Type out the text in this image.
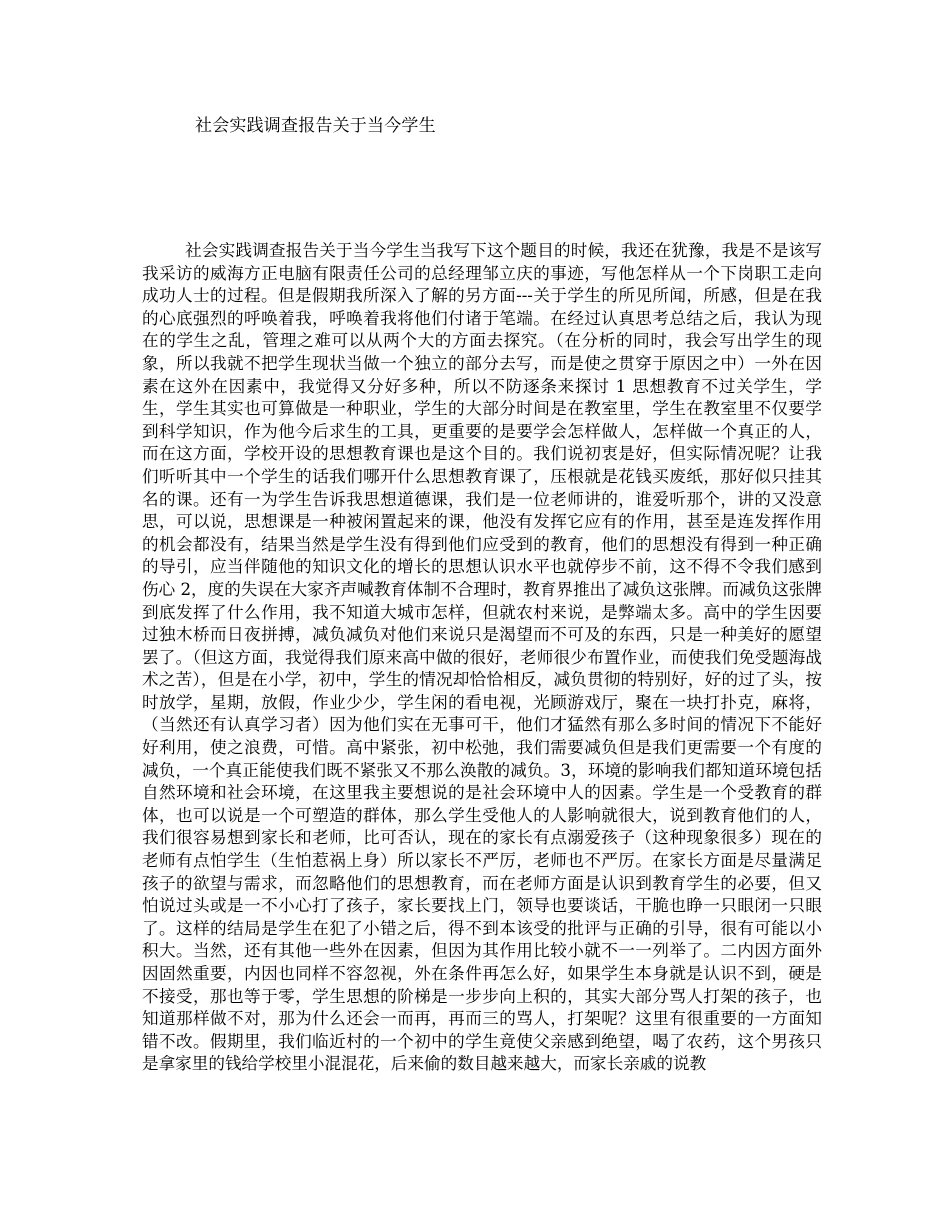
社会实践调查报告关于当今学生

社会实践调查报告关于当今学生当我写下这个题目的时候，我还在犹豫，我是不是该写我采访的威海方正电脑有限责任公司的总经理邹立庆的事迹，写他怎样从一个下岗职工走向成功人士的过程。但是假期我所深入了解的另方面---关于学生的所见所闻，所感，但是在我的心底强烈的呼唤着我，呼唤着我将他们付诸于笔端。在经过认真思考总结之后，我认为现在的学生之乱，管理之难可以从两个大的方面去探究。（在分析的同时，我会写出学生的现象，所以我就不把学生现状当做一个独立的部分去写，而是使之贯穿于原因之中）一外在因素在这外在因素中，我觉得又分好多种，所以不防逐条来探讨 1 思想教育不过关学生，学生，学生其实也可算做是一种职业，学生的大部分时间是在教室里，学生在教室里不仅要学到科学知识，作为他今后求生的工具，更重要的是要学会怎样做人，怎样做一个真正的人，而在这方面，学校开设的思想教育课也是这个目的。我们说初衷是好，但实际情况呢？让我们听听其中一个学生的话我们哪开什么思想教育课了，压根就是花钱买废纸，那好似只挂其名的课。还有一为学生告诉我思想道德课，我们是一位老师讲的，谁爱听那个，讲的又没意思，可以说，思想课是一种被闲置起来的课，他没有发挥它应有的作用，甚至是连发挥作用的机会都没有，结果当然是学生没有得到他们应受到的教育，他们的思想没有得到一种正确的导引，应当伴随他的知识文化的增长的思想认识水平也就停步不前，这不得不令我们感到伤心 2，度的失误在大家齐声喊教育体制不合理时，教育界推出了减负这张牌。而减负这张牌到底发挥了什么作用，我不知道大城市怎样，但就农村来说，是弊端太多。高中的学生因要过独木桥而日夜拼搏，减负减负对他们来说只是渴望而不可及的东西，只是一种美好的愿望罢了。（但这方面，我觉得我们原来高中做的很好，老师很少布置作业，而使我们免受题海战术之苦），但是在小学，初中，学生的情况却恰恰相反，减负贯彻的特别好，好的过了头，按时放学，星期，放假，作业少少，学生闲的看电视，光顾游戏厅，聚在一块打扑克，麻将，（当然还有认真学习者）因为他们实在无事可干，他们才猛然有那么多时间的情况下不能好好利用，使之浪费，可惜。高中紧张，初中松弛，我们需要减负但是我们更需要一个有度的减负，一个真正能使我们既不紧张又不那么涣散的减负。3，环境的影响我们都知道环境包括自然环境和社会环境，在这里我主要想说的是社会环境中人的因素。学生是一个受教育的群体，也可以说是一个可塑造的群体，那么学生受他人的人影响就很大，说到教育他们的人，我们很容易想到家长和老师，比可否认，现在的家长有点溺爱孩子（这种现象很多）现在的老师有点怕学生（生怕惹祸上身）所以家长不严厉，老师也不严厉。在家长方面是尽量满足孩子的欲望与需求，而忽略他们的思想教育，而在老师方面是认识到教育学生的必要，但又怕说过头或是一不小心打了孩子，家长要找上门，领导也要谈话，干脆也睁一只眼闭一只眼了。这样的结局是学生在犯了小错之后，得不到本该受的批评与正确的引导，很有可能以小积大。当然，还有其他一些外在因素，但因为其作用比较小就不一一列举了。二内因方面外因固然重要，内因也同样不容忽视，外在条件再怎么好，如果学生本身就是认识不到，硬是不接受，那也等于零，学生思想的阶梯是一步步向上积的，其实大部分骂人打架的孩子，也知道那样做不对，那为什么还会一而再，再而三的骂人，打架呢？这里有很重要的一方面知错不改。假期里，我们临近村的一个初中的学生竟使父亲感到绝望，喝了农药，这个男孩只是拿家里的钱给学校里小混混花，后来偷的数目越来越大，而家长亲戚的说教
